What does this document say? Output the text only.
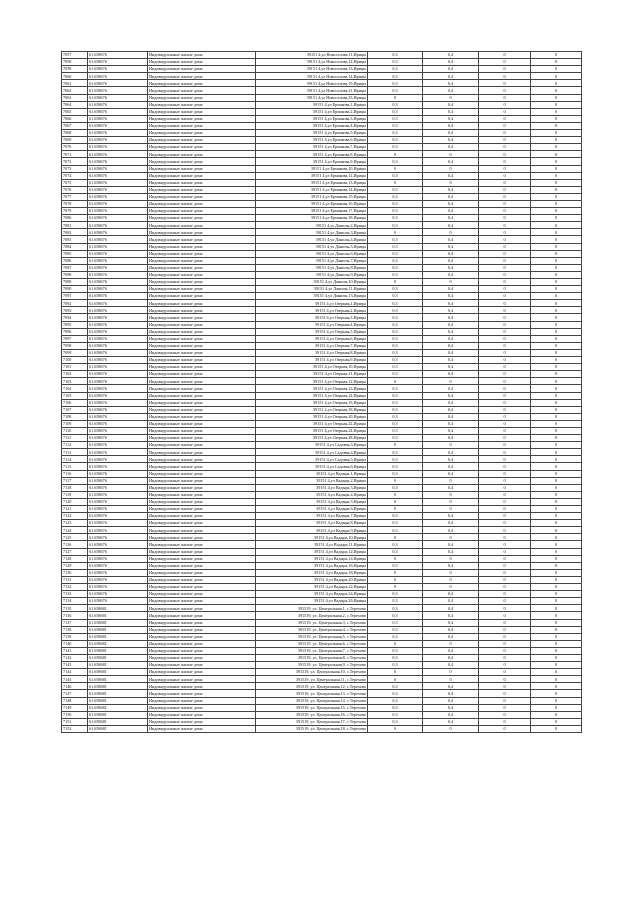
7057	61.658676	Индивидуальные жилые дома	39151 4,ул Новоселова,11,Ирицы	0,3	0,4	0	0
7058	61.658676	Индивидуальные жилые дома	39151 4,ул Новоселова,12,Ирицы	0,3	0,4	0	0
7059	61.658676	Индивидуальные жилые дома	39151 4,ул Новоселова,13,Ирицы	0,3	0,4	0	0
7060	61.658676	Индивидуальные жилые дома	39151 4,ул Новоселова,14,Ирицы	0,3	0,4	0	0
7061	61.658676	Индивидуальные жилые дома	39151 4,ул Новоселова,19,Ирицы	0,3	0,4	0	0
7062	61.658676	Индивидуальные жилые дома	39151 4,ул Новоселова,21,Ирицы	0,3	0,4	0	0
7063	61.658676	Индивидуальные жилые дома	39151 4,ул Новоселова,23,Ирицы	0	0	0	0
7064	61.658676	Индивидуальные жилые дома	39151 4,ул Ермакова,1,Ирицы	0,3	0,4	0	0
7065	61.658676	Индивидуальные жилые дома	39151 4,ул Ермакова,2,Ирицы	0,3	0,4	0	0
7066	61.658676	Индивидуальные жилые дома	39151 4,ул Ермакова,3,Ирицы	0,3	0,4	0	0
7067	61.658676	Индивидуальные жилые дома	39151 4,ул Ермакова,4,Ирицы	0,3	0,4	0	0
7068	61.658676	Индивидуальные жилые дома	39151 4,ул Ермакова,5,Ирицы	0,3	0,4	0	0
7069	61.658676	Индивидуальные жилые дома	39151 4,ул Ермакова,6,Ирицы	0,3	0,4	0	0
7070	61.658676	Индивидуальные жилые дома	39151 4,ул Ермакова,7,Ирицы	0,3	0,4	0	0
7071	61.658676	Индивидуальные жилые дома	39151 4,ул Ермакова,8,Ирицы	0	0	0	0
7072	61.658676	Индивидуальные жилые дома	39151 4,ул Ермакова,9,Ирицы	0,3	0,4	0	0
7073	61.658676	Индивидуальные жилые дома	39151 4,ул Ермакова,10,Ирицы	0	0	0	0
7074	61.658676	Индивидуальные жилые дома	39151 4,ул Ермакова,12,Ирицы	0,3	0,4	0	0
7075	61.658676	Индивидуальные жилые дома	39151 4,ул Ермакова,13,Ирицы	0	0	0	0
7076	61.658676	Индивидуальные жилые дома	39151 4,ул Ермакова,14,Ирицы	0,3	0,4	0	0
7077	61.658676	Индивидуальные жилые дома	39151 4,ул Ермакова,15,Ирицы	0,3	0,4	0	0
7078	61.658676	Индивидуальные жилые дома	39151 4,ул Ермакова,16,Ирицы	0,3	0,4	0	0
7079	61.658676	Индивидуальные жилые дома	39151 4,ул Ермакова,17,Ирицы	0,3	0,4	0	0
7080	61.658676	Индивидуальные жилые дома	39151 4,ул Ермакова,18,Ирицы	0,3	0,4	0	0
7081	61.658676	Индивидуальные жилые дома	39151 4,ул Данилы,2,Ирицы	0,3	0,4	0	0
7082	61.658676	Индивидуальные жилые дома	39151 4,ул Данилы,3,Ирицы	0	0	0	0
7083	61.658676	Индивидуальные жилые дома	39151 4,ул Данилы,4,Ирицы	0,3	0,4	0	0
7084	61.658676	Индивидуальные жилые дома	39151 4,ул Данилы,5,Ирицы	0,3	0,4	0	0
7085	61.658676	Индивидуальные жилые дома	39151 4,ул Данилы,6,Ирицы	0,3	0,4	0	0
7086	61.658676	Индивидуальные жилые дома	39151 4,ул Данилы,7,Ирицы	0,3	0,4	0	0
7087	61.658676	Индивидуальные жилые дома	39151 4,ул Данилы,8,Ирицы	0,3	0,4	0	0
7088	61.658676	Индивидуальные жилые дома	39151 4,ул Данилы,9,Ирицы	0,3	0,4	0	0
7089	61.658676	Индивидуальные жилые дома	39151 4,ул Данилы,10,Ирицы	0	0	0	0
7090	61.658676	Индивидуальные жилые дома	39151 4,ул Данилы,11,Ирицы	0,3	0,4	0	0
7091	61.658676	Индивидуальные жилые дома	39151 4,ул Данилы,13,Ирицы	0,3	0,4	0	0
7092	61.658676	Индивидуальные жилые дома	39151 4,ул Озерная,1,Ирицы	0,3	0,4	0	0
7093	61.658676	Индивидуальные жилые дома	39151 4,ул Озерная,2,Ирицы	0,3	0,4	0	0
7094	61.658676	Индивидуальные жилые дома	39151 4,ул Озерная,3,Ирицы	0,3	0,4	0	0
7095	61.658676	Индивидуальные жилые дома	39151 4,ул Озерная,4,Ирицы	0,3	0,4	0	0
7096	61.658676	Индивидуальные жилые дома	39151 4,ул Озерная,5,Ирицы	0,3	0,4	0	0
7097	61.658676	Индивидуальные жилые дома	39151 4,ул Озерная,6,Ирицы	0,3	0,4	0	0
7098	61.658676	Индивидуальные жилые дома	39151 4,ул Озерная,7,Ирицы	0,3	0,4	0	0
7099	61.658676	Индивидуальные жилые дома	39151 4,ул Озерная,8,Ирицы	0,3	0,4	0	0
7100	61.658676	Индивидуальные жилые дома	39151 4,ул Озерная,9,Ирицы	0,3	0,4	0	0
7101	61.658676	Индивидуальные жилые дома	39151 4,ул Озерная,10,Ирицы	0,3	0,4	0	0
7102	61.658676	Индивидуальные жилые дома	39151 4,ул Озерная,11,Ирицы	0,3	0,4	0	0
7103	61.658676	Индивидуальные жилые дома	39151 4,ул Озерная,12,Ирицы	0	0	0	0
7104	61.658676	Индивидуальные жилые дома	39151 4,ул Озерная,13,Ирицы	0,3	0,4	0	0
7105	61.658676	Индивидуальные жилые дома	39151 4,ул Озерная,14,Ирицы	0,3	0,4	0	0
7106	61.658676	Индивидуальные жилые дома	39151 4,ул Озерная,16,Ирицы	0,3	0,4	0	0
7107	61.658676	Индивидуальные жилые дома	39151 4,ул Озерная,18,Ирицы	0,3	0,4	0	0
7108	61.658676	Индивидуальные жилые дома	39151 4,ул Озерная,20,Ирицы	0,3	0,4	0	0
7109	61.658676	Индивидуальные жилые дома	39151 4,ул Озерная,22,Ирицы	0,3	0,4	0	0
7110	61.658676	Индивидуальные жилые дома	39151 4,ул Озерная,24,Ирицы	0,3	0,4	0	0
7111	61.658676	Индивидуальные жилые дома	39151 4,ул Озерная,28,Ирицы	0,3	0,4	0	0
7112	61.658676	Индивидуальные жилые дома	39151 4,ул Садовая,3,Ирицы	0	0	0	0
7113	61.658676	Индивидуальные жилые дома	39151 4,ул Садовая,4,Ирицы	0,3	0,4	0	0
7114	61.658676	Индивидуальные жилые дома	39151 4,ул Садовая,5,Ирицы	0,3	0,4	0	0
7115	61.658676	Индивидуальные жилые дома	39151 4,ул Садовая,6,Ирицы	0,3	0,4	0	0
7116	61.658676	Индивидуальные жилые дома	39151 4,ул Вадыра,1,Ирицы	0,3	0,4	0	0
7117	61.658676	Индивидуальные жилые дома	39151 4,ул Вадыра,2,Ирицы	0	0	0	0
7118	61.658676	Индивидуальные жилые дома	39151 4,ул Вадыра,3,Ирицы	0,3	0,4	0	0
7119	61.658676	Индивидуальные жилые дома	39151 4,ул Вадыра,4,Ирицы	0	0	0	0
7120	61.658676	Индивидуальные жилые дома	39151 4,ул Вадыра,5,Ирицы	0	0	0	0
7121	61.658676	Индивидуальные жилые дома	39151 4,ул Вадыра,6,Ирицы	0	0	0	0
7122	61.658676	Индивидуальные жилые дома	39151 4,ул Вадыра,7,Ирицы	0,3	0,4	0	0
7123	61.658676	Индивидуальные жилые дома	39151 4,ул Вадыра,8,Ирицы	0,3	0,4	0	0
7124	61.658676	Индивидуальные жилые дома	39151 4,ул Вадыра,9,Ирицы	0,3	0,4	0	0
7125	61.658676	Индивидуальные жилые дома	39151 4,ул Вадыра,10,Ирицы	0	0	0	0
7126	61.658676	Индивидуальные жилые дома	39151 4,ул Вадыра,11,Ирицы	0,3	0,4	0	0
7127	61.658676	Индивидуальные жилые дома	39151 4,ул Вадыра,12,Ирицы	0,3	0,4	0	0
7128	61.658676	Индивидуальные жилые дома	39151 4,ул Вадыра,14,Ирицы	0	0	0	0
7129	61.658676	Индивидуальные жилые дома	39151 4,ул Вадыра,16,Ирицы	0,3	0,4	0	0
7130	61.658676	Индивидуальные жилые дома	39151 4,ул Вадыра,18,Ирицы	0	0	0	0
7131	61.658676	Индивидуальные жилые дома	39151 4,ул Вадыра,20,Ирицы	0	0	0	0
7132	61.658676	Индивидуальные жилые дома	39151 4,ул Вадыра,22,Ирицы	0	0	0	0
7133	61.658676	Индивидуальные жилые дома	39151 4,ул Вадыра,24,Ирицы	0,3	0,4	0	0
7134	61.658676	Индивидуальные жилые дома	39151 4,ул Вадыра,26,Ирицы	0,3	0,4	0	0
7135	61.658681	Индивидуальные жилые дома	391519, ул. Центральная,1, с.Терехово	0,3	0,4	0	0
7136	61.658681	Индивидуальные жилые дома	391519, ул. Центральная,2, с.Терехово	0,3	0,4	0	0
7137	61.658681	Индивидуальные жилые дома	391519, ул. Центральная,3, с.Терехово	0,3	0,4	0	0
7138	61.658681	Индивидуальные жилые дома	391519, ул. Центральная,4, с.Терехово	0,3	0,4	0	0
7139	61.658681	Индивидуальные жилые дома	391519, ул. Центральная,5, с.Терехово	0,3	0,4	0	0
7140	61.658681	Индивидуальные жилые дома	391519, ул. Центральная,6, с.Терехово	0	0	0	0
7141	61.658681	Индивидуальные жилые дома	391519, ул. Центральная,7, с.Терехово	0,3	0,4	0	0
7142	61.658681	Индивидуальные жилые дома	391519, ул. Центральная,8, с.Терехово	0,3	0,4	0	0
7143	61.658681	Индивидуальные жилые дома	391519, ул. Центральная,9, с.Терехово	0,3	0,4	0	0
7144	61.658681	Индивидуальные жилые дома	391519, ул. Центральная,10, с.Терехово	0	0	0	0
7145	61.658681	Индивидуальные жилые дома	391519, ул. Центральная,11, с.Терехово	0	0	0	0
7146	61.658681	Индивидуальные жилые дома	391519, ул. Центральная,12, с.Терехово	0,3	0,4	0	0
7147	61.658681	Индивидуальные жилые дома	391519, ул. Центральная,13, с.Терехово	0,3	0,4	0	0
7148	61.658681	Индивидуальные жилые дома	391519, ул. Центральная,14, с.Терехово	0,3	0,4	0	0
7149	61.658681	Индивидуальные жилые дома	391519, ул. Центральная,15, с.Терехово	0,3	0,4	0	0
7150	61.658681	Индивидуальные жилые дома	391519, ул. Центральная,16, с.Терехово	0,3	0,4	0	0
7151	61.658681	Индивидуальные жилые дома	391519, ул. Центральная,17, с.Терехово	0,3	0,4	0	0
7152	61.658681	Индивидуальные жилые дома	391519, ул. Центральная,18, с.Терехово	0	0	0	0
